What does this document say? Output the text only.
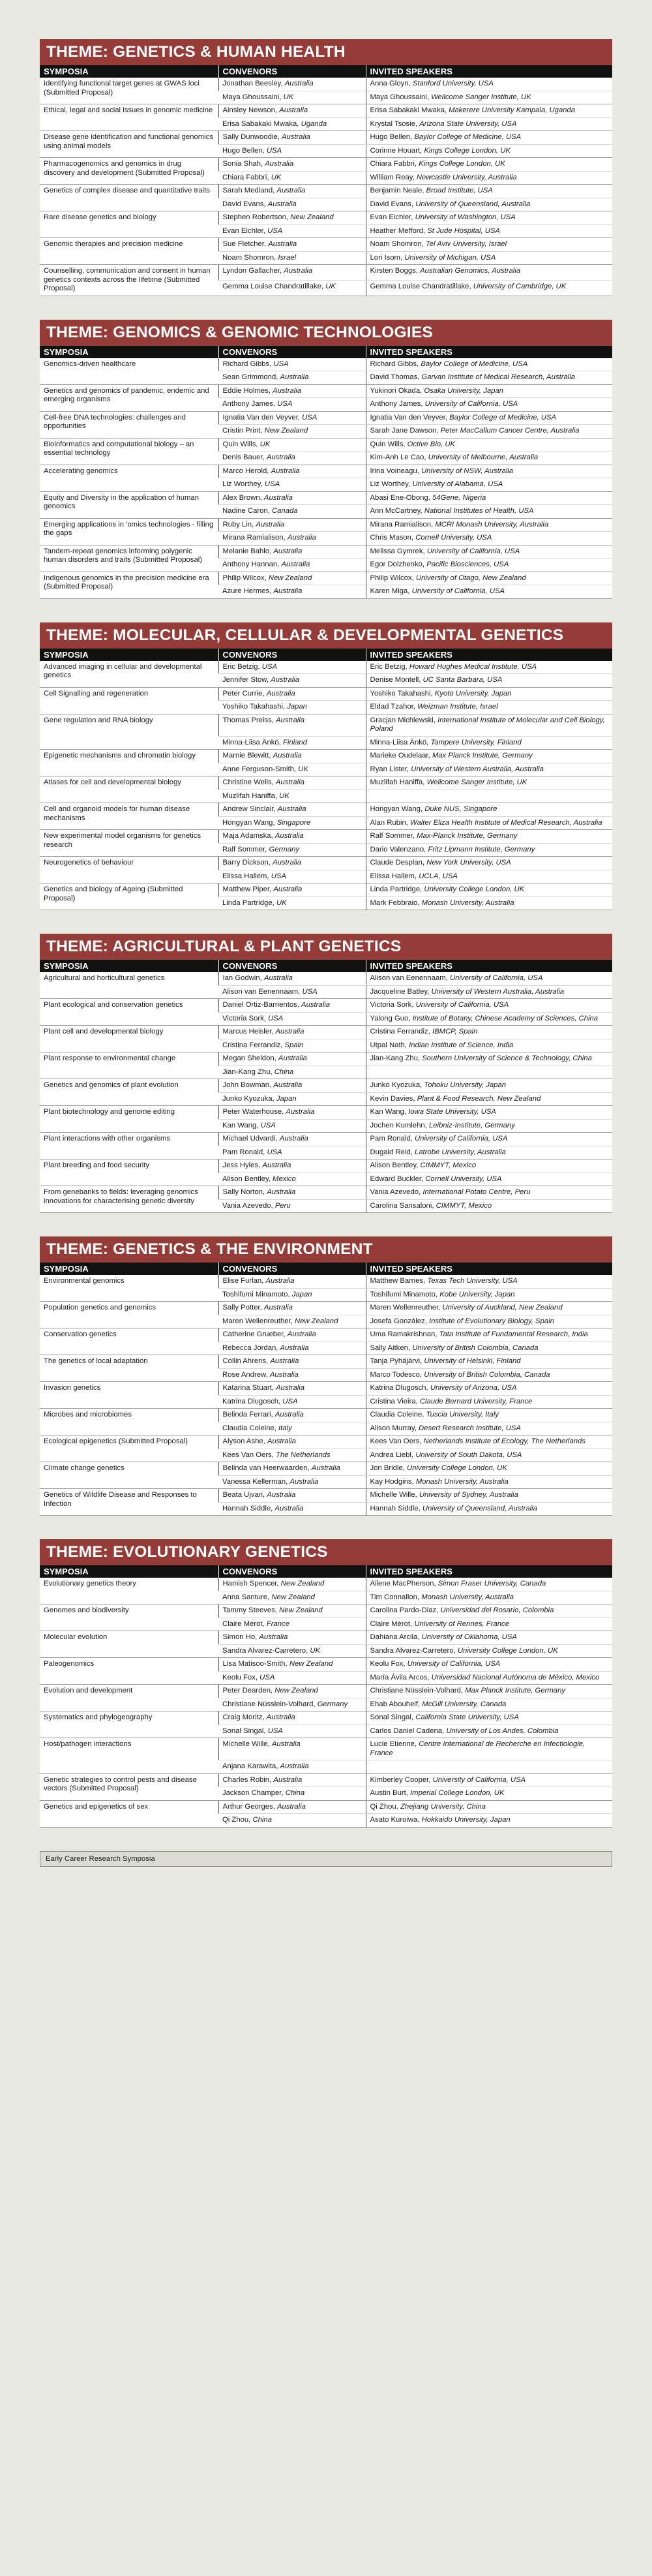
THEME: GENETICS & HUMAN HEALTH
SYMPOSIA	CONVENORS	INVITED SPEAKERS
Identifying functional target genes at GWAS loci (Submitted Proposal)	Jonathan Beesley, Australia	Anna Gloyn, Stanford University, USA
	Maya Ghoussaini, UK	Maya Ghoussaini, Wellcome Sanger Institute, UK
Ethical, legal and social issues in genomic medicine	Ainsley Newson, Australia	Erisa Sabakaki Mwaka, Makerere University Kampala, Uganda
	Erisa Sabakaki Mwaka, Uganda	Krystal Tsosie, Arizona State University, USA
Disease gene identification and functional genomics using animal models	Sally Dunwoodie, Australia	Hugo Bellen, Baylor College of Medicine, USA
	Hugo Bellen, USA	Corinne Houart, Kings College London, UK
Pharmacogenomics and genomics in drug discovery and development (Submitted Proposal)	Sonia Shah, Australia	Chiara Fabbri, Kings College London, UK
	Chiara Fabbri, UK	William Reay, Newcastle University, Australia
Genetics of complex disease and quantitative traits	Sarah Medland, Australia	Benjamin Neale, Broad Institute, USA
	David Evans, Australia	David Evans, University of Queensland, Australia
Rare disease genetics and biology	Stephen Robertson, New Zealand	Evan Eichler, University of Washington, USA
	Evan Eichler, USA	Heather Mefford, St Jude Hospital, USA
Genomic therapies and precision medicine	Sue Fletcher, Australia	Noam Shomron, Tel Aviv University, Israel
	Noam Shomron, Israel	Lori Isom, University of Michigan, USA
Counselling, communication and consent in human genetics contexts across the lifetime (Submitted Proposal)	Lyndon Gallacher, Australia	Kirsten Boggs, Australian Genomics, Australia
	Gemma Louise Chandratillake, UK	Gemma Louise Chandratillake, University of Cambridge, UK
THEME: GENOMICS & GENOMIC TECHNOLOGIES
SYMPOSIA	CONVENORS	INVITED SPEAKERS
Genomics-driven healthcare	Richard Gibbs, USA	Richard Gibbs, Baylor College of Medicine, USA
	Sean Grimmond, Australia	David Thomas, Garvan Institute of Medical Research, Australia
Genetics and genomics of pandemic, endemic and emerging organisms	Eddie Holmes, Australia	Yukinori Okada, Osaka University, Japan
	Anthony James, USA	Anthony James, University of California, USA
Cell-free DNA technologies: challenges and opportunities	Ignatia Van den Veyver, USA	Ignatia Van den Veyver, Baylor College of Medicine, USA
	Cristin Print, New Zealand	Sarah Jane Dawson, Peter MacCallum Cancer Centre, Australia
Bioinformatics and computational biology – an essential technology	Quin Wills, UK	Quin Wills, Octive Bio, UK
	Denis Bauer, Australia	Kim-Anh Le Cao, University of Melbourne, Australia
Accelerating genomics	Marco Herold, Australia	Irina Voineagu, University of NSW, Australia
	Liz Worthey, USA	Liz Worthey, University of Alabama, USA
Equity and Diversity in the application of human genomics	Alex Brown, Australia	Abasi Ene-Obong, 54Gene, Nigeria
	Nadine Caron, Canada	Ann McCartney, National Institutes of Health, USA
Emerging applications in 'omics technologies - filling the gaps	Ruby Lin, Australia	Mirana Ramialison, MCRI Monash University, Australia
	Mirana Ramialison, Australia	Chris Mason, Cornell University, USA
Tandem-repeat genomics informing polygenic human disorders and traits (Submitted Proposal)	Melanie Bahlo, Australia	Melissa Gymrek, University of California, USA
	Anthony Hannan, Australia	Egor Dolzhenko, Pacific Biosciences, USA
Indigenous genomics in the precision medicine era (Submitted Proposal)	Philip Wilcox, New Zealand	Philip Wilcox, University of Otago, New Zealand
	Azure Hermes, Australia	Karen Miga, University of California, USA
THEME: MOLECULAR, CELLULAR & DEVELOPMENTAL GENETICS
SYMPOSIA	CONVENORS	INVITED SPEAKERS
Advanced imaging in cellular and developmental genetics	Eric Betzig, USA	Eric Betzig, Howard Hughes Medical Institute, USA
	Jennifer Stow, Australia	Denise Montell, UC Santa Barbara, USA
Cell Signalling and regeneration	Peter Currie, Australia	Yoshiko Takahashi, Kyoto University, Japan
	Yoshiko Takahashi, Japan	Eldad Tzahor, Weizman Institute, Israel
Gene regulation and RNA biology	Thomas Preiss, Australia	Gracjan Michlewski, International Institute of Molecular and Cell Biology, Poland
	Minna-Liisa Änkö, Finland	Minna-Liisa Änkö, Tampere University, Finland
Epigenetic mechanisms and chromatin biology	Marnie Blewitt, Australia	Marieke Oudelaar, Max Planck Institute, Germany
	Anne Ferguson-Smith, UK	Ryan Lister, University of Western Australia, Australia
Atlases for cell and developmental biology	Christine Wells, Australia	Muzlifah Haniffa, Wellcome Sanger Institute, UK
	Muzlifah Haniffa, UK	
Cell and organoid models for human disease mechanisms	Andrew Sinclair, Australia	Hongyan Wang, Duke NUS, Singapore
	Hongyan Wang, Singapore	Alan Rubin, Walter Eliza Health Institute of Medical Research, Australia
New experimental model organisms for genetics research	Maja Adamska, Australia	Ralf Sommer, Max-Planck Institute, Germany
	Ralf Sommer, Germany	Dario Valenzano, Fritz Lipmann Institute, Germany
Neurogenetics of behaviour	Barry Dickson, Australia	Claude Desplan, New York University, USA
	Elissa Hallem, USA	Elissa Hallem, UCLA, USA
Genetics and biology of Ageing (Submitted Proposal)	Matthew Piper, Australia	Linda Partridge, University College London, UK
	Linda Partridge, UK	Mark Febbraio, Monash University, Australia
THEME: AGRICULTURAL & PLANT GENETICS
SYMPOSIA	CONVENORS	INVITED SPEAKERS
Agricultural and horticultural genetics	Ian Godwin, Australia	Alison van Eenennaam, University of California, USA
	Alison van Eenennaam, USA	Jacqueline Batley, University of Western Australia, Australia
Plant ecological and conservation genetics	Daniel Ortiz-Barrientos, Australia	Victoria Sork, University of California, USA
	Victoria Sork, USA	Yalong Guo, Institute of Botany, Chinese Academy of Sciences, China
Plant cell and developmental biology	Marcus Heisler, Australia	Cristina Ferrandiz, IBMCP, Spain
	Cristina Ferrandiz, Spain	Utpal Nath, Indian Institute of Science, India
Plant response to environmental change	Megan Sheldon, Australia	Jian-Kang Zhu, Southern University of Science & Technology, China
	Jian-Kang Zhu, China	
Genetics and genomics of plant evolution	John Bowman, Australia	Junko Kyozuka, Tohoku University, Japan
	Junko Kyozuka, Japan	Kevin Davies, Plant & Food Research, New Zealand
Plant biotechnology and genome editing	Peter Waterhouse, Australia	Kan Wang, Iowa State University, USA
	Kan Wang, USA	Jochen Kumlehn, Leibniz-Institute, Germany
Plant interactions with other organisms	Michael Udvardi, Australia	Pam Ronald, University of California, USA
	Pam Ronald, USA	Dugald Reid, Latrobe University, Australia
Plant breeding and food security	Jess Hyles, Australia	Alison Bentley, CIMMYT, Mexico
	Alison Bentley, Mexico	Edward Buckler, Cornell University, USA
From genebanks to fields: leveraging genomics innovations for characterising genetic diversity	Sally Norton, Australia	Vania Azevedo, International Potato Centre, Peru
	Vania Azevedo, Peru	Carolina Sansaloni, CIMMYT, Mexico
THEME: GENETICS & THE ENVIRONMENT
SYMPOSIA	CONVENORS	INVITED SPEAKERS
Environmental genomics	Elise Furlan, Australia	Matthew Barnes, Texas Tech University, USA
	Toshifumi Minamoto, Japan	Toshifumi Minamoto, Kobe University, Japan
Population genetics and genomics	Sally Potter, Australia	Maren Wellenreuther, University of Auckland, New Zealand
	Maren Wellenreuther, New Zealand	Josefa González, Institute of Evolutionary Biology, Spain
Conservation genetics	Catherine Grueber, Australia	Uma Ramakrishnan, Tata Institute of Fundamental Research, India
	Rebecca Jordan, Australia	Sally Aitken, University of British Colombia, Canada
The genetics of local adaptation	Collin Ahrens, Australia	Tanja Pyhäjärvi, University of Helsinki, Finland
	Rose Andrew, Australia	Marco Todesco, University of British Colombia, Canada
Invasion genetics	Katarina Stuart, Australia	Katrina Dlugosch, University of Arizona, USA
	Katrina Dlugosch, USA	Cristina Vieira, Claude Bernard University, France
Microbes and microbiomes	Belinda Ferrari, Australia	Claudia Coleine, Tuscia University, Italy
	Claudia Coleine, Italy	Alison Murray, Desert Research Institute, USA
Ecological epigenetics (Submitted Proposal)	Alyson Ashe, Australia	Kees Van Oers, Netherlands Institute of Ecology, The Netherlands
	Kees Van Oers, The Netherlands	Andrea Liebl, University of South Dakota, USA
Climate change genetics	Belinda van Heerwaarden, Australia	Jon Bridle, University College London, UK
	Vanessa Kellerman, Australia	Kay Hodgins, Monash University, Australia
Genetics of Wildlife Disease and Responses to Infection	Beata Ujvari, Australia	Michelle Wille, University of Sydney, Australia
	Hannah Siddle, Australia	Hannah Siddle, University of Queensland, Australia
THEME: EVOLUTIONARY GENETICS
SYMPOSIA	CONVENORS	INVITED SPEAKERS
Evolutionary genetics theory	Hamish Spencer, New Zealand	Ailene MacPherson, Simon Fraser University, Canada
	Anna Santure, New Zealand	Tim Connallon, Monash University, Australia
Genomes and biodiversity	Tammy Steeves, New Zealand	Carolina Pardo-Diaz, Universidad del Rosario, Colombia
	Claire Mérot, France	Claire Mérot, University of Rennes, France
Molecular evolution	Simon Ho, Australia	Dahiana Arcila, University of Oklahoma, USA
	Sandra Alvarez-Carretero, UK	Sandra Alvarez-Carretero, University College London, UK
Paleogenomics	Lisa Matisoo-Smith, New Zealand	Keolu Fox, University of California, USA
	Keolu Fox, USA	María Ávila Arcos, Universidad Nacional Autónoma de México, Mexico
Evolution and development	Peter Dearden, New Zealand	Christiane Nüsslein-Volhard, Max Planck Institute, Germany
	Christiane Nüsslein-Volhard, Germany	Ehab Abouheif, McGill University, Canada
Systematics and phylogeography	Craig Moritz, Australia	Sonal Singal, California State University, USA
	Sonal Singal, USA	Carlos Daniel Cadena, University of Los Andes, Colombia
Host/pathogen interactions	Michelle Wille, Australia	Lucie Etienne, Centre International de Recherche en Infectiologie, France
	Anjana Karawita, Australia	
Genetic strategies to control pests and disease vectors (Submitted Proposal)	Charles Robin, Australia	Kimberley Cooper, University of California, USA
	Jackson Champer, China	Austin Burt, Imperial College London, UK
Genetics and epigenetics of sex	Arthur Georges, Australia	Qi Zhou, Zhejiang University, China
	Qi Zhou, China	Asato Kuroiwa, Hokkaido University, Japan
Early Career Research Symposia
